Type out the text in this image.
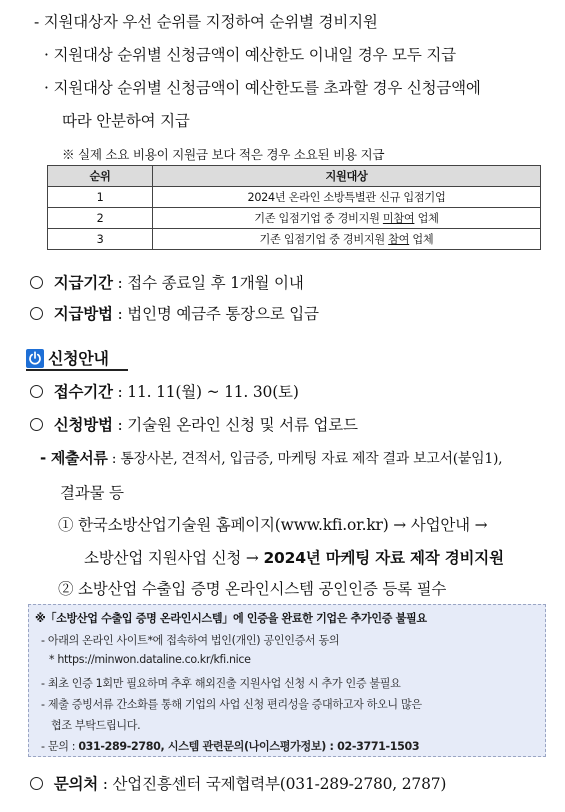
- 지원대상자 우선 순위를 지정하여 순위별 경비지원
· 지원대상 순위별 신청금액이 예산한도 이내일 경우 모두 지급
· 지원대상 순위별 신청금액이 예산한도를 초과할 경우 신청금액에
따라 안분하여 지급
※ 실제 소요 비용이 지원금 보다 적은 경우 소요된 비용 지급
순위	지원대상
1	2024년 온라인 소방특별관 신규 입점기업
2	기존 입점기업 중 경비지원 미참여 업체
3	기존 입점기업 중 경비지원 참여 업체
지급기간 : 접수 종료일 후 1개월 이내
지급방법 : 법인명 예금주 통장으로 입금
신청안내
접수기간 : 11. 11(월) ~ 11. 30(토)
신청방법 : 기술원 온라인 신청 및 서류 업로드
- 제출서류 : 통장사본, 견적서, 입금증, 마케팅 자료 제작 결과 보고서(붙임1),
결과물 등
① 한국소방산업기술원 홈페이지(www.kfi.or.kr) → 사업안내 →
소방산업 지원사업 신청 → 2024년 마케팅 자료 제작 경비지원
② 소방산업 수출입 증명 온라인시스템 공인인증 등록 필수
※「소방산업 수출입 증명 온라인시스템」에 인증을 완료한 기업은 추가인증 불필요
- 아래의 온라인 사이트*에 접속하여 법인(개인) 공인인증서 동의
* https://minwon.dataline.co.kr/kfi.nice
- 최초 인증 1회만 필요하며 추후 해외진출 지원사업 신청 시 추가 인증 불필요
- 제출 증빙서류 간소화를 통해 기업의 사업 신청 편리성을 증대하고자 하오니 많은
협조 부탁드립니다.
- 문의 : 031-289-2780, 시스템 관련문의(나이스평가정보) : 02-3771-1503
문의처 : 산업진흥센터 국제협력부(031-289-2780, 2787)
